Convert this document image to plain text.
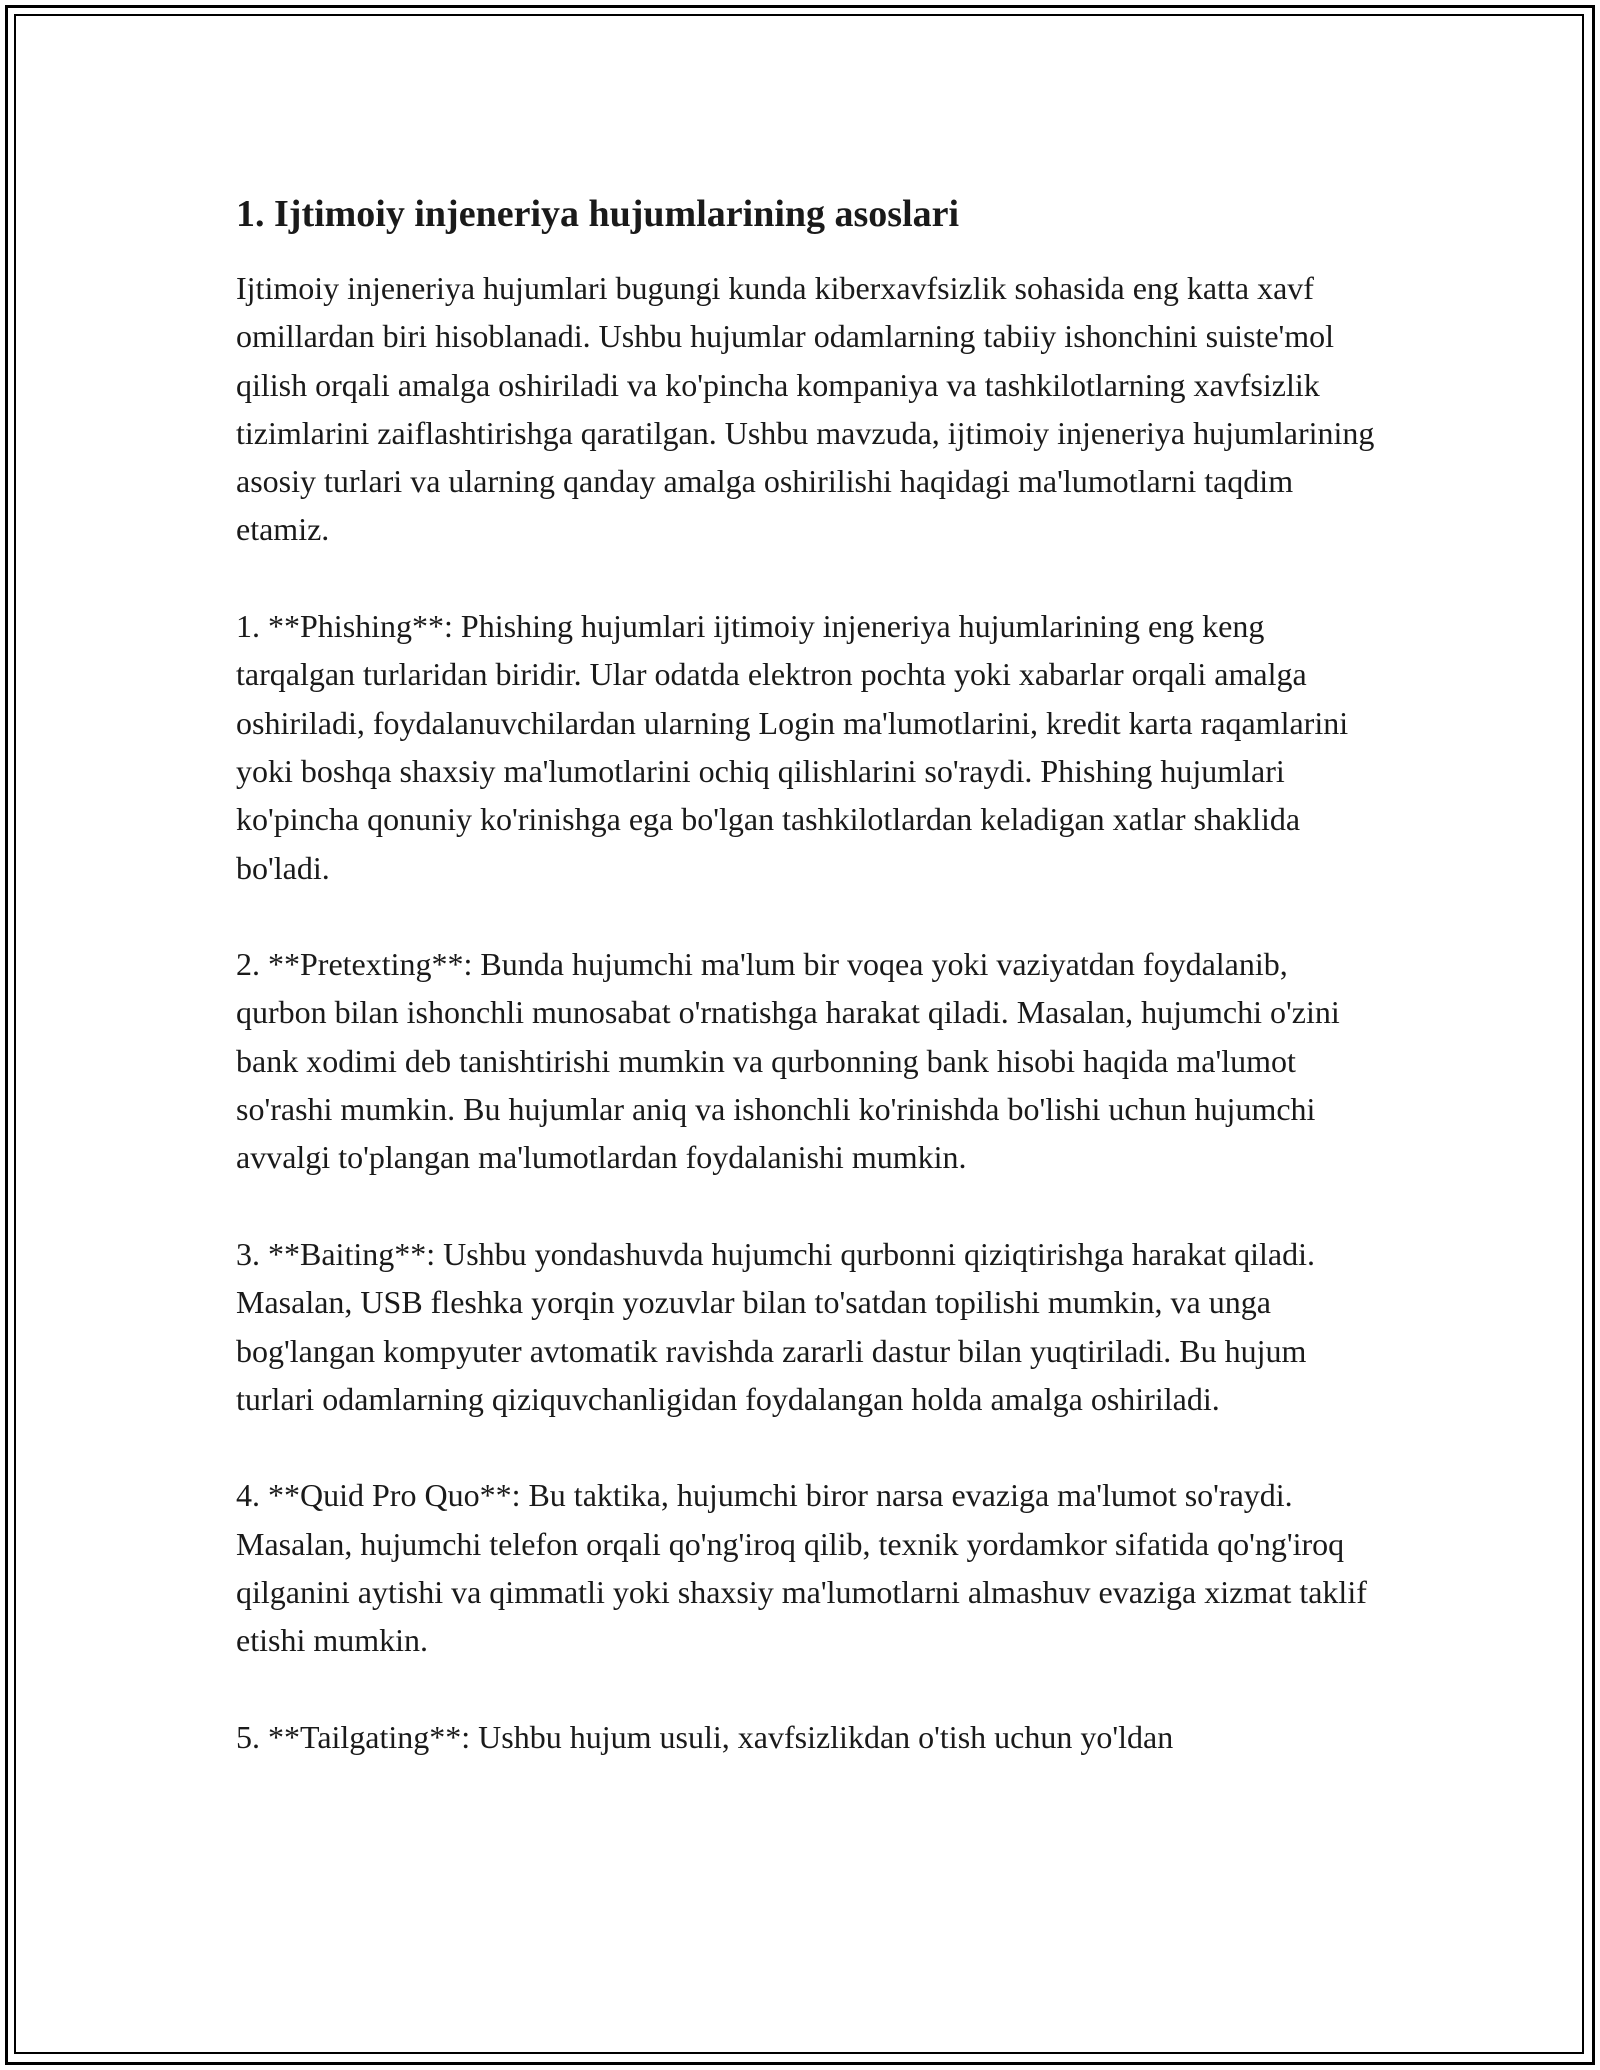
1. Ijtimoiy injeneriya hujumlarining asoslari

Ijtimoiy injeneriya hujumlari bugungi kunda kiberxavfsizlik sohasida eng katta xavf omillardan biri hisoblanadi. Ushbu hujumlar odamlarning tabiiy ishonchini suiste'mol qilish orqali amalga oshiriladi va ko'pincha kompaniya va tashkilotlarning xavfsizlik tizimlarini zaiflashtirishga qaratilgan. Ushbu mavzuda, ijtimoiy injeneriya hujumlarining asosiy turlari va ularning qanday amalga oshirilishi haqidagi ma'lumotlarni taqdim etamiz.

1. **Phishing**: Phishing hujumlari ijtimoiy injeneriya hujumlarining eng keng tarqalgan turlaridan biridir. Ular odatda elektron pochta yoki xabarlar orqali amalga oshiriladi, foydalanuvchilardan ularning Login ma'lumotlarini, kredit karta raqamlarini yoki boshqa shaxsiy ma'lumotlarini ochiq qilishlarini so'raydi. Phishing hujumlari ko'pincha qonuniy ko'rinishga ega bo'lgan tashkilotlardan keladigan xatlar shaklida bo'ladi.

2. **Pretexting**: Bunda hujumchi ma'lum bir voqea yoki vaziyatdan foydalanib, qurbon bilan ishonchli munosabat o'rnatishga harakat qiladi. Masalan, hujumchi o'zini bank xodimi deb tanishtirishi mumkin va qurbonning bank hisobi haqida ma'lumot so'rashi mumkin. Bu hujumlar aniq va ishonchli ko'rinishda bo'lishi uchun hujumchi avvalgi to'plangan ma'lumotlardan foydalanishi mumkin.

3. **Baiting**: Ushbu yondashuvda hujumchi qurbonni qiziqtirishga harakat qiladi. Masalan, USB fleshka yorqin yozuvlar bilan to'satdan topilishi mumkin, va unga bog'langan kompyuter avtomatik ravishda zararli dastur bilan yuqtiriladi. Bu hujum turlari odamlarning qiziquvchanligidan foydalangan holda amalga oshiriladi.

4. **Quid Pro Quo**: Bu taktika, hujumchi biror narsa evaziga ma'lumot so'raydi. Masalan, hujumchi telefon orqali qo'ng'iroq qilib, texnik yordamkor sifatida qo'ng'iroq qilganini aytishi va qimmatli yoki shaxsiy ma'lumotlarni almashuv evaziga xizmat taklif etishi mumkin.

5. **Tailgating**: Ushbu hujum usuli, xavfsizlikdan o'tish uchun yo'ldan
